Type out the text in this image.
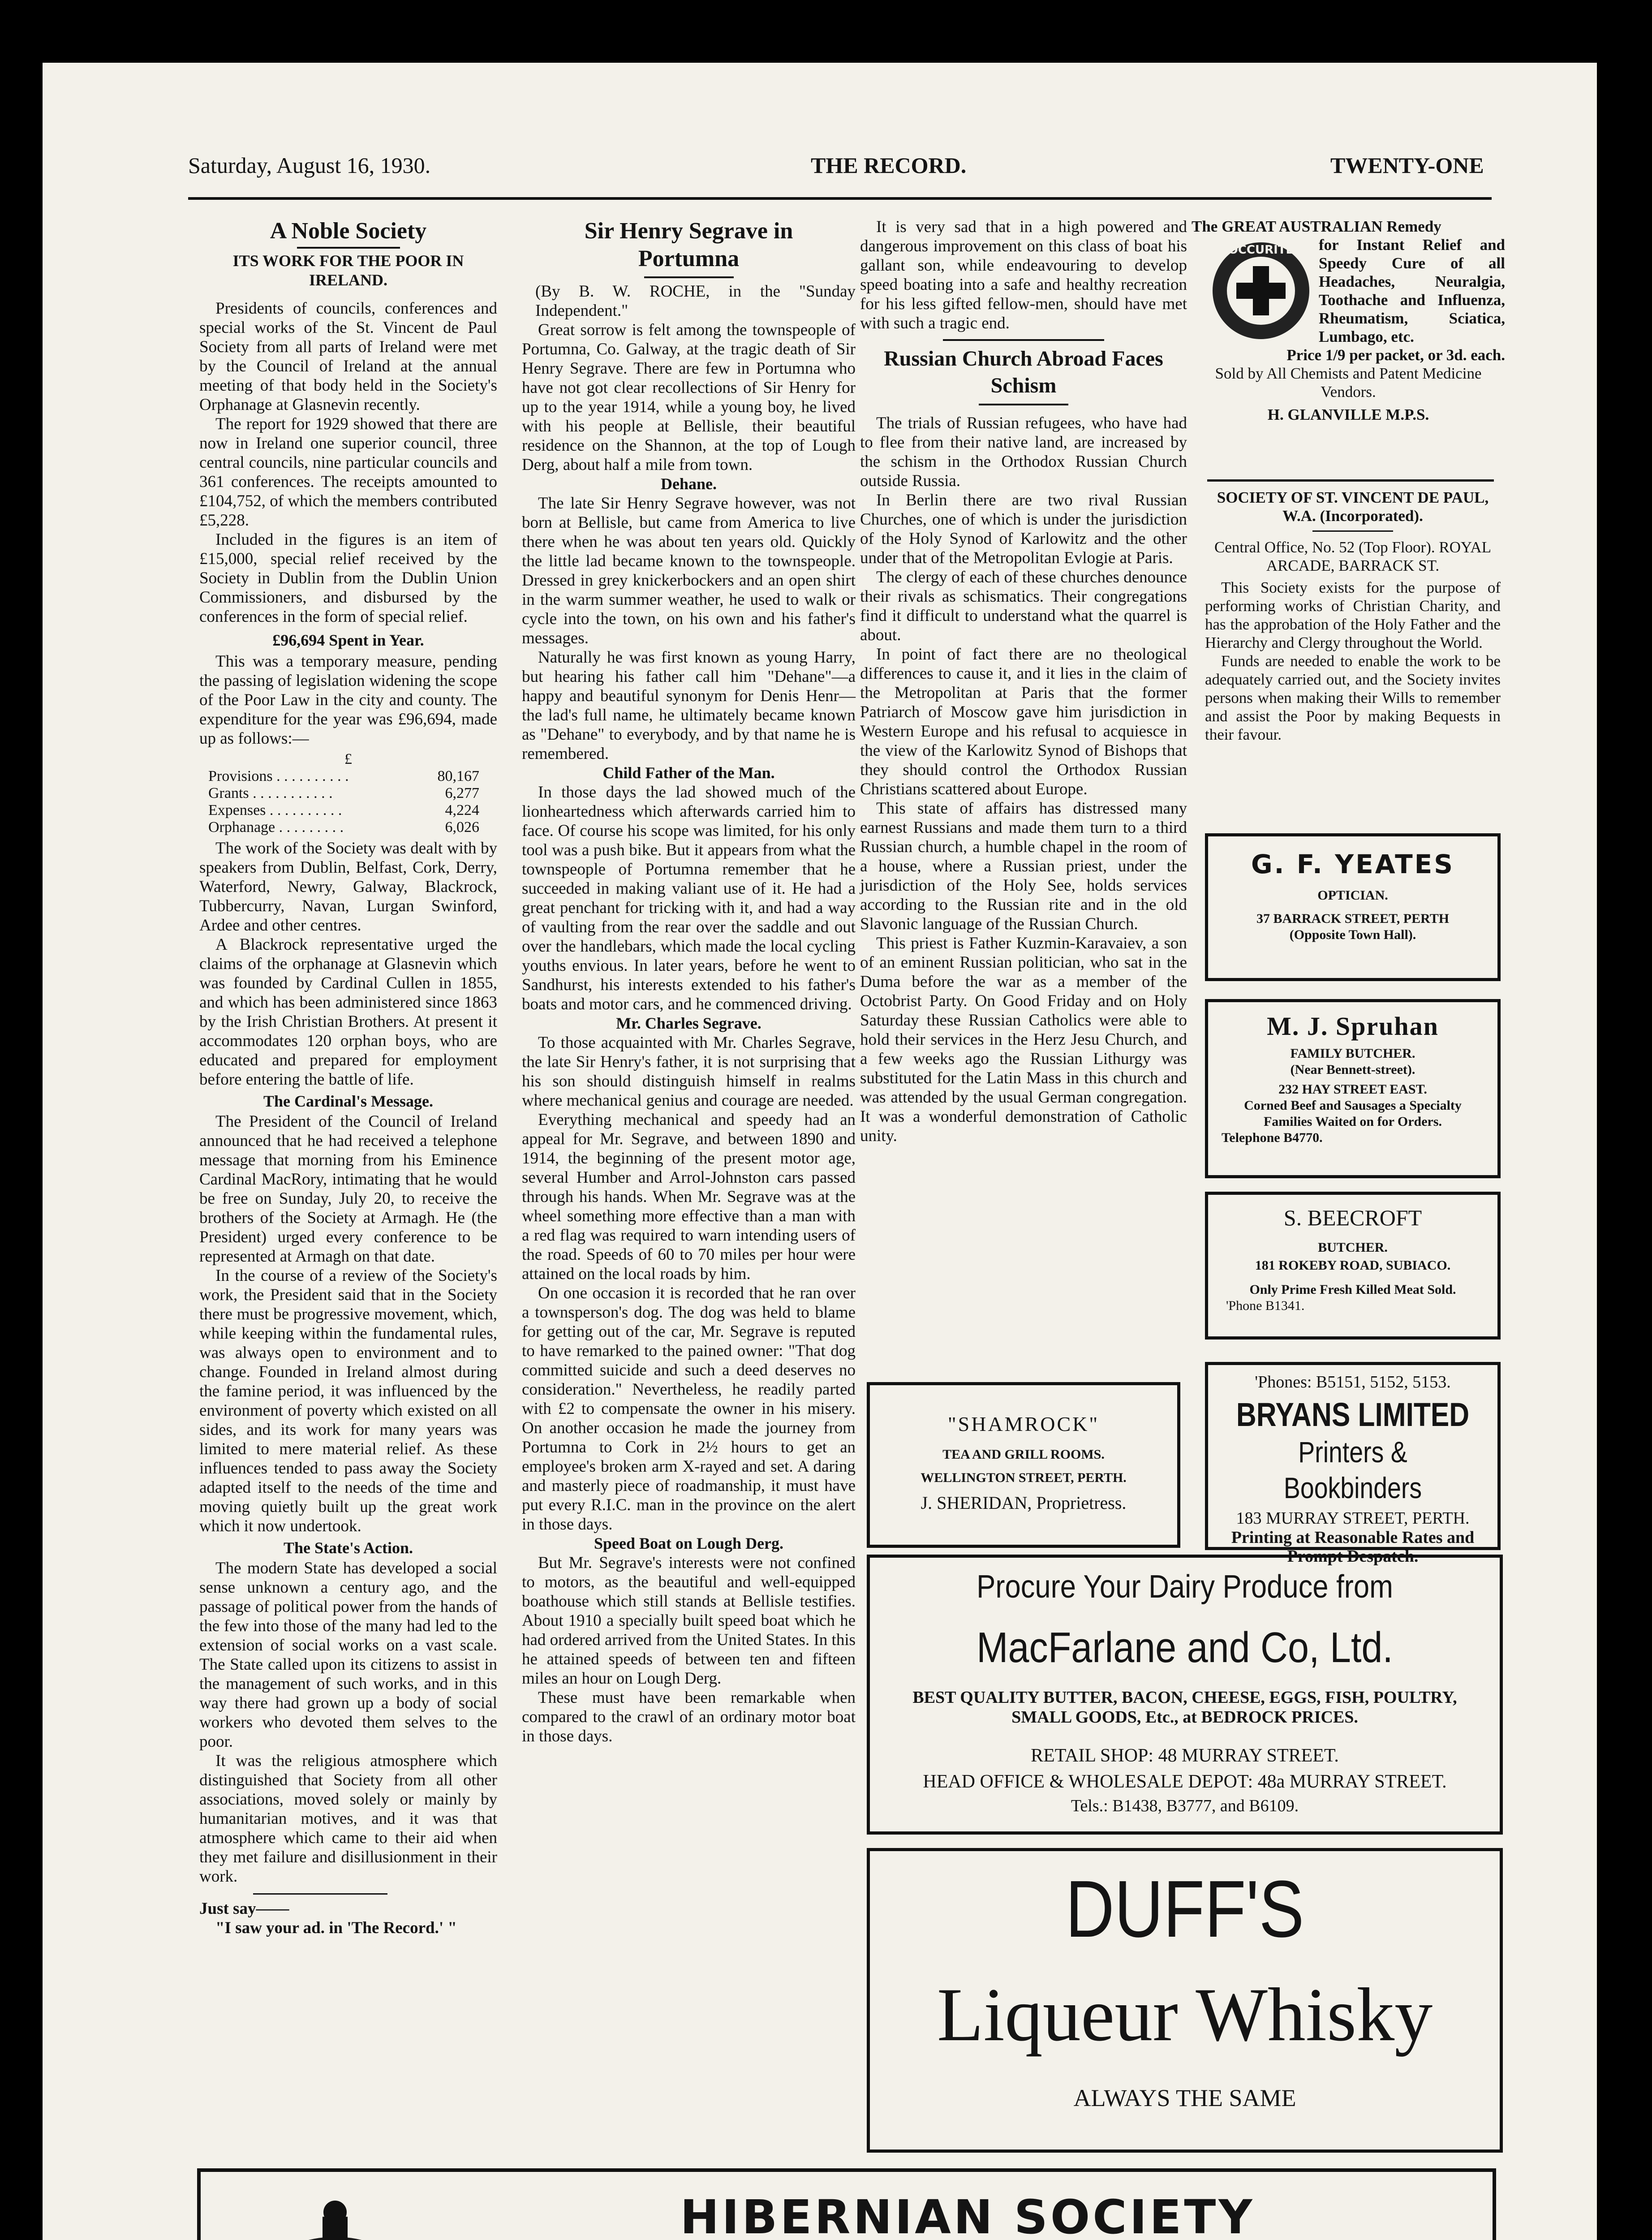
Saturday, August 16, 1930.	THE RECORD.	TWENTY-ONE
A Noble Society
ITS WORK FOR THE POOR IN IRELAND.

Presidents of councils, conferences and special works of the St. Vincent de Paul Society from all parts of Ireland were met by the Council of Ireland at the annual meeting of that body held in the Society's Orphanage at Glasnevin recently.

The report for 1929 showed that there are now in Ireland one superior council, three central councils, nine particular councils and 361 conferences. The receipts amounted to £104,752, of which the members contributed £5,228.

Included in the figures is an item of £15,000, special relief received by the Society in Dublin from the Dublin Union Commissioners, and disbursed by the conferences in the form of special relief.

£96,694 Spent in Year.

This was a temporary measure, pending the passing of legislation widening the scope of the Poor Law in the city and county. The expenditure for the year was £96,694, made up as follows:—

£
Provisions . . . . . . . . . .	80,167
Grants . . . . . . . . . . .	6,277
Expenses . . . . . . . . . .	4,224
Orphanage . . . . . . . . .	6,026

The work of the Society was dealt with by speakers from Dublin, Belfast, Cork, Derry, Waterford, Newry, Galway, Blackrock, Tubbercurry, Navan, Lurgan Swinford, Ardee and other centres.

A Blackrock representative urged the claims of the orphanage at Glasnevin which was founded by Cardinal Cullen in 1855, and which has been administered since 1863 by the Irish Christian Brothers. At present it accommodates 120 orphan boys, who are educated and prepared for employment before entering the battle of life.

The Cardinal's Message.

The President of the Council of Ireland announced that he had received a telephone message that morning from his Eminence Cardinal MacRory, intimating that he would be free on Sunday, July 20, to receive the brothers of the Society at Armagh. He (the President) urged every conference to be represented at Armagh on that date.

In the course of a review of the Society's work, the President said that in the Society there must be progressive movement, which, while keeping within the fundamental rules, was always open to environment and to change. Founded in Ireland almost during the famine period, it was influenced by the environment of poverty which existed on all sides, and its work for many years was limited to mere material relief. As these influences tended to pass away the Society adapted itself to the needs of the time and moving quietly built up the great work which it now undertook.

The State's Action.

The modern State has developed a social sense unknown a century ago, and the passage of political power from the hands of the few into those of the many had led to the extension of social works on a vast scale. The State called upon its citizens to assist in the management of such works, and in this way there had grown up a body of social workers who devoted them selves to the poor.

It was the religious atmosphere which distinguished that Society from all other associations, moved solely or mainly by humanitarian motives, and it was that atmosphere which came to their aid when they met failure and disillusionment in their work.

Just say——

"I saw your ad. in 'The Record.' "

Sir Henry Segrave in Portumna

(By B. W. ROCHE, in the "Sunday Independent."

Great sorrow is felt among the townspeople of Portumna, Co. Galway, at the tragic death of Sir Henry Segrave. There are few in Portumna who have not got clear recollections of Sir Henry for up to the year 1914, while a young boy, he lived with his people at Bellisle, their beautiful residence on the Shannon, at the top of Lough Derg, about half a mile from town.

Dehane.

The late Sir Henry Segrave however, was not born at Bellisle, but came from America to live there when he was about ten years old. Quickly the little lad became known to the townspeople. Dressed in grey knickerbockers and an open shirt in the warm summer weather, he used to walk or cycle into the town, on his own and his father's messages.

Naturally he was first known as young Harry, but hearing his father call him "Dehane"—a happy and beautiful synonym for Denis Henr—the lad's full name, he ultimately became known as "Dehane" to everybody, and by that name he is remembered.

Child Father of the Man.

In those days the lad showed much of the lionheartedness which afterwards carried him to face. Of course his scope was limited, for his only tool was a push bike. But it appears from what the townspeople of Portumna remember that he succeeded in making valiant use of it. He had a great penchant for tricking with it, and had a way of vaulting from the rear over the saddle and out over the handlebars, which made the local cycling youths envious. In later years, before he went to Sandhurst, his interests extended to his father's boats and motor cars, and he commenced driving.

Mr. Charles Segrave.

To those acquainted with Mr. Charles Segrave, the late Sir Henry's father, it is not surprising that his son should distinguish himself in realms where mechanical genius and courage are needed.

Everything mechanical and speedy had an appeal for Mr. Segrave, and between 1890 and 1914, the beginning of the present motor age, several Humber and Arrol-Johnston cars passed through his hands. When Mr. Segrave was at the wheel something more effective than a man with a red flag was required to warn intending users of the road. Speeds of 60 to 70 miles per hour were attained on the local roads by him.

On one occasion it is recorded that he ran over a townsperson's dog. The dog was held to blame for getting out of the car, Mr. Segrave is reputed to have remarked to the pained owner: "That dog committed suicide and such a deed deserves no consideration." Nevertheless, he readily parted with £2 to compensate the owner in his misery. On another occasion he made the journey from Portumna to Cork in 2½ hours to get an employee's broken arm X-rayed and set. A daring and masterly piece of roadmanship, it must have put every R.I.C. man in the province on the alert in those days.

Speed Boat on Lough Derg.

But Mr. Segrave's interests were not confined to motors, as the beautiful and well-equipped boathouse which still stands at Bellisle testifies. About 1910 a specially built speed boat which he had ordered arrived from the United States. In this he attained speeds of between ten and fifteen miles an hour on Lough Derg.

These must have been remarkable when compared to the crawl of an ordinary motor boat in those days.

It is very sad that in a high powered and dangerous improvement on this class of boat his gallant son, while endeavouring to develop speed boating into a safe and healthy recreation for his less gifted fellow-men, should have met with such a tragic end.

Russian Church Abroad Faces Schism

The trials of Russian refugees, who have had to flee from their native land, are increased by the schism in the Orthodox Russian Church outside Russia.

In Berlin there are two rival Russian Churches, one of which is under the jurisdiction of the Holy Synod of Karlowitz and the other under that of the Metropolitan Evlogie at Paris.

The clergy of each of these churches denounce their rivals as schismatics. Their congregations find it difficult to understand what the quarrel is about.

In point of fact there are no theological differences to cause it, and it lies in the claim of the Metropolitan at Paris that the former Patriarch of Moscow gave him jurisdiction in Western Europe and his refusal to acquiesce in the view of the Karlowitz Synod of Bishops that they should control the Orthodox Russian Christians scattered about Europe.

This state of affairs has distressed many earnest Russians and made them turn to a third Russian church, a humble chapel in the room of a house, where a Russian priest, under the jurisdiction of the Holy See, holds services according to the Russian rite and in the old Slavonic language of the Russian Church.

This priest is Father Kuzmin-Karavaiev, a son of an eminent Russian politician, who sat in the Duma before the war as a member of the Octobrist Party. On Good Friday and on Holy Saturday these Russian Catholics were able to hold their services in the Herz Jesu Church, and a few weeks ago the Russian Lithurgy was substituted for the Latin Mass in this church and was attended by the usual German congregation. It was a wonderful demonstration of Catholic unity.

The GREAT AUSTRALIAN Remedy
OCCURITE	for Instant Relief and Speedy Cure of all Headaches, Neuralgia, Toothache and Influenza, Rheumatism, Sciatica, Lumbago, etc.
Price 1/9 per packet, or 3d. each.
Sold by All Chemists and Patent Medicine Vendors.
H. GLANVILLE M.P.S.
SOCIETY OF ST. VINCENT DE PAUL, W.A. (Incorporated).
Central Office, No. 52 (Top Floor). ROYAL ARCADE, BARRACK ST.

This Society exists for the purpose of performing works of Christian Charity, and has the approbation of the Holy Father and the Hierarchy and Clergy throughout the World.

Funds are needed to enable the work to be adequately carried out, and the Society invites persons when making their Wills to remember and assist the Poor by making Bequests in their favour.

G. F. YEATES
OPTICIAN.
37 BARRACK STREET, PERTH
(Opposite Town Hall).
M. J. Spruhan
FAMILY BUTCHER.
(Near Bennett-street).
232 HAY STREET EAST.
Corned Beef and Sausages a Specialty
Families Waited on for Orders.
Telephone B4770.
S. BEECROFT
BUTCHER.
181 ROKEBY ROAD, SUBIACO.
Only Prime Fresh Killed Meat Sold.
'Phone B1341.
"SHAMROCK"
TEA AND GRILL ROOMS.
WELLINGTON STREET, PERTH.
J. SHERIDAN, Proprietress.
'Phones: B5151, 5152, 5153.
BRYANS LIMITED
Printers & Bookbinders
183 MURRAY STREET, PERTH.
Printing at Reasonable Rates and Prompt Despatch.
Procure Your Dairy Produce from
MacFarlane and Co, Ltd.
BEST QUALITY BUTTER, BACON, CHEESE, EGGS, FISH, POULTRY, SMALL GOODS, Etc., at BEDROCK PRICES.
RETAIL SHOP: 48 MURRAY STREET.
HEAD OFFICE & WHOLESALE DEPOT: 48a MURRAY STREET.
Tels.: B1438, B3777, and B6109.
DUFF'S
Liqueur Whisky
ALWAYS THE SAME
HIBERNIAN SOCIETY
